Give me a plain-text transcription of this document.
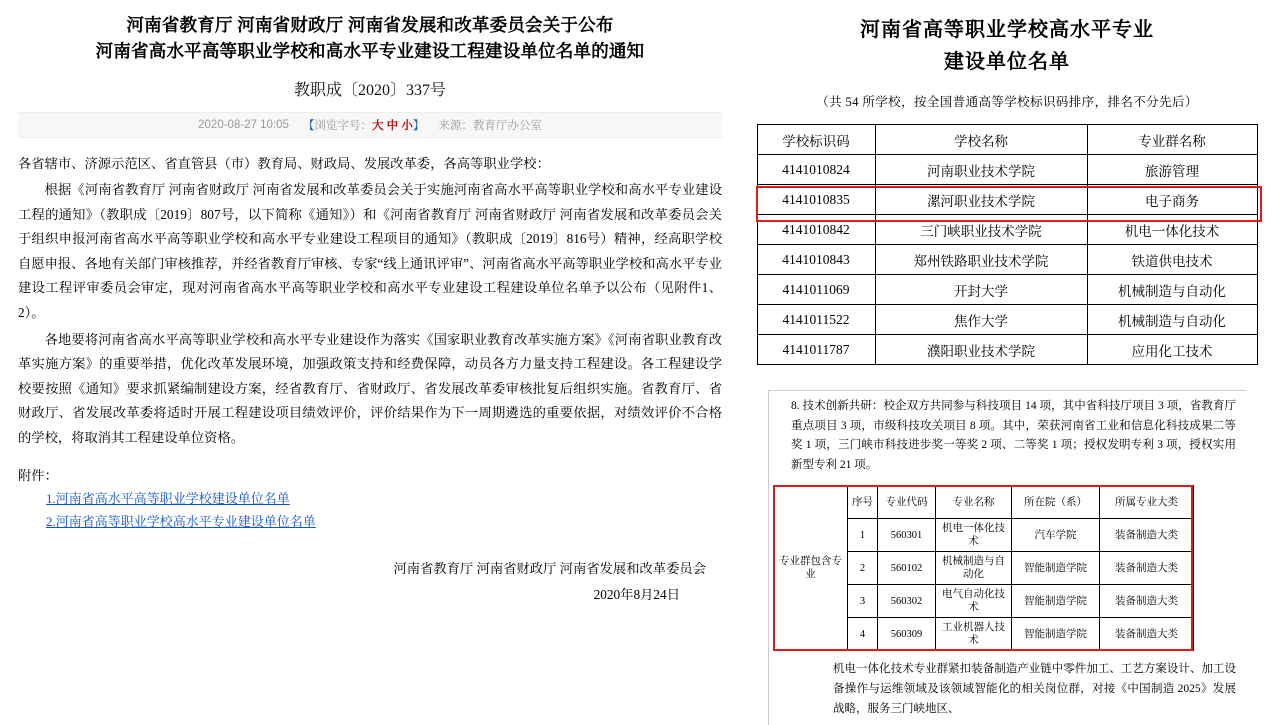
河南省教育厅 河南省财政厅 河南省发展和改革委员会关于公布
河南省高水平高等职业学校和高水平专业建设工程建设单位名单的通知
教职成〔2020〕337号
2020-08-27 10:05 【浏览字号：大 中 小】 来源：教育厅办公室

各省辖市、济源示范区、省直管县（市）教育局、财政局、发展改革委，各高等职业学校：

根据《河南省教育厅 河南省财政厅 河南省发展和改革委员会关于实施河南省高水平高等职业学校和高水平专业建设工程的通知》（教职成〔2019〕807号，以下简称《通知》）和《河南省教育厅 河南省财政厅 河南省发展和改革委员会关于组织申报河南省高水平高等职业学校和高水平专业建设工程项目的通知》（教职成〔2019〕816号）精神，经高职学校自愿申报、各地有关部门审核推荐，并经省教育厅审核、专家“线上通讯评审”、河南省高水平高等职业学校和高水平专业建设工程评审委员会审定，现对河南省高水平高等职业学校和高水平专业建设工程建设单位名单予以公布（见附件1、2）。

各地要将河南省高水平高等职业学校和高水平专业建设作为落实《国家职业教育改革实施方案》《河南省职业教育改革实施方案》的重要举措，优化改革发展环境，加强政策支持和经费保障，动员各方力量支持工程建设。各工程建设学校要按照《通知》要求抓紧编制建设方案，经省教育厅、省财政厅、省发展改革委审核批复后组织实施。省教育厅、省财政厅、省发展改革委将适时开展工程建设项目绩效评价，评价结果作为下一周期遴选的重要依据，对绩效评价不合格的学校，将取消其工程建设单位资格。

附件：
1.河南省高水平高等职业学校建设单位名单
2.河南省高等职业学校高水平专业建设单位名单
河南省教育厅 河南省财政厅 河南省发展和改革委员会
2020年8月24日
河南省高等职业学校高水平专业
建设单位名单
（共 54 所学校，按全国普通高等学校标识码排序，排名不分先后）
学校标识码	学校名称	专业群名称
4141010824	河南职业技术学院	旅游管理
4141010835	漯河职业技术学院	电子商务
4141010842	三门峡职业技术学院	机电一体化技术
4141010843	郑州铁路职业技术学院	铁道供电技术
4141011069	开封大学	机械制造与自动化
4141011522	焦作大学	机械制造与自动化
4141011787	濮阳职业技术学院	应用化工技术
8. 技术创新共研：校企双方共同参与科技项目 14 项，其中省科技厅项目 3 项，省教育厅重点项目 3 项，市级科技攻关项目 8 项。其中，荣获河南省工业和信息化科技成果二等奖 1 项，三门峡市科技进步奖一等奖 2 项、二等奖 1 项；授权发明专利 3 项，授权实用新型专利 21 项。
专业群包含专业	序号	专业代码	专业名称	所在院（系）	所属专业大类
	1	560301	机电一体化技术	汽车学院	装备制造大类
	2	560102	机械制造与自动化	智能制造学院	装备制造大类
	3	560302	电气自动化技术	智能制造学院	装备制造大类
	4	560309	工业机器人技术	智能制造学院	装备制造大类
机电一体化技术专业群紧扣装备制造产业链中零件加工、工艺方案设计、加工设备操作与运维领域及该领域智能化的相关岗位群，对接《中国制造 2025》发展战略，服务三门峡地区、
